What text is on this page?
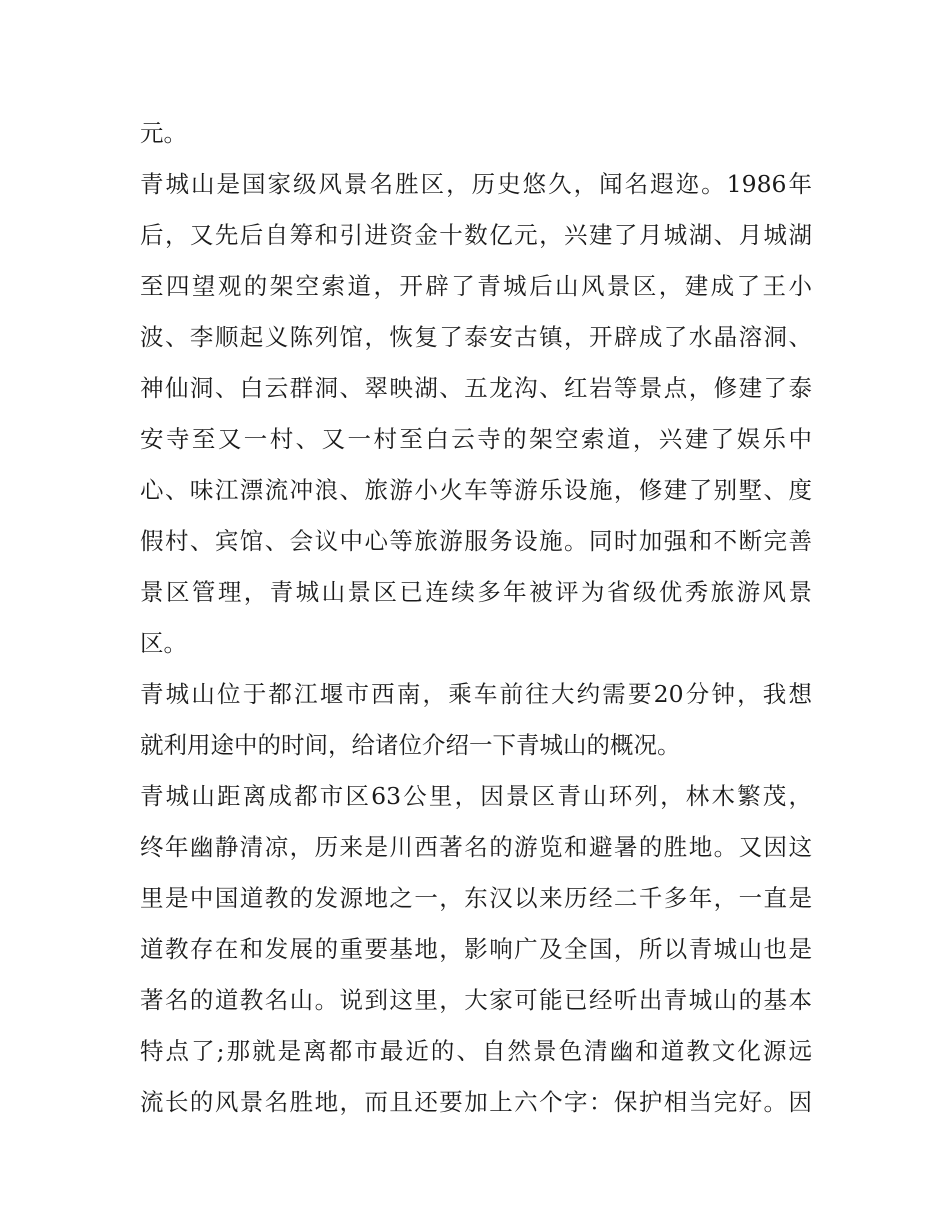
元。
青城山是国家级风景名胜区，历史悠久，闻名遐迩。1986年
后，又先后自筹和引进资金十数亿元，兴建了月城湖、月城湖
至四望观的架空索道，开辟了青城后山风景区，建成了王小
波、李顺起义陈列馆，恢复了泰安古镇，开辟成了水晶溶洞、
神仙洞、白云群洞、翠映湖、五龙沟、红岩等景点，修建了泰
安寺至又一村、又一村至白云寺的架空索道，兴建了娱乐中
心、味江漂流冲浪、旅游小火车等游乐设施，修建了别墅、度
假村、宾馆、会议中心等旅游服务设施。同时加强和不断完善
景区管理，青城山景区已连续多年被评为省级优秀旅游风景
区。
青城山位于都江堰市西南，乘车前往大约需要20分钟，我想
就利用途中的时间，给诸位介绍一下青城山的概况。
青城山距离成都市区63公里，因景区青山环列，林木繁茂，
终年幽静清凉，历来是川西著名的游览和避暑的胜地。又因这
里是中国道教的发源地之一，东汉以来历经二千多年，一直是
道教存在和发展的重要基地，影响广及全国，所以青城山也是
著名的道教名山。说到这里，大家可能已经听出青城山的基本
特点了;那就是离都市最近的、自然景色清幽和道教文化源远
流长的风景名胜地，而且还要加上六个字：保护相当完好。因
